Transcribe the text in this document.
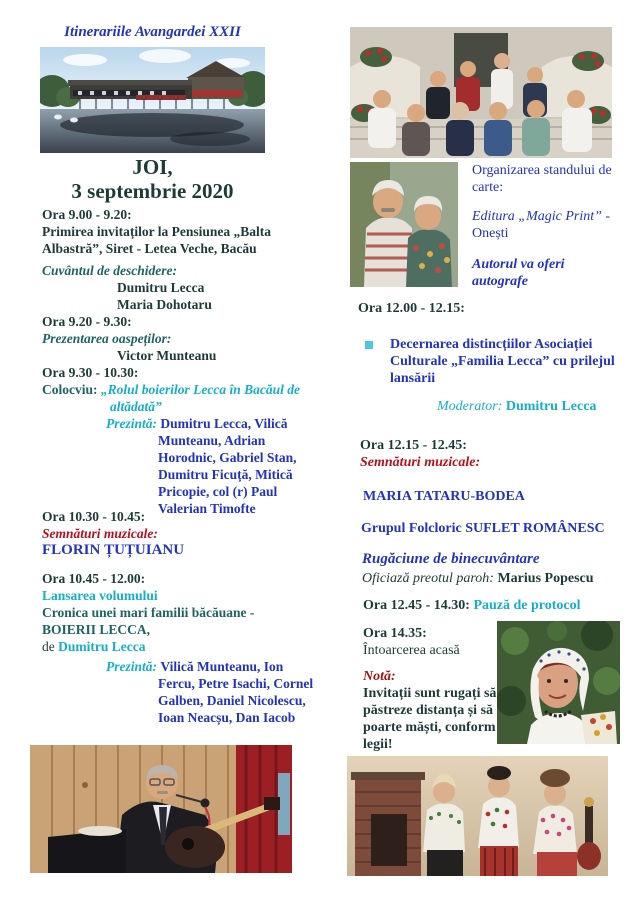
Itinerariile Avangardei XXII

JOI,

3 septembrie 2020

Ora 9.00 - 9.20:

Primirea invitaților la Pensiunea „Balta Albastră”, Siret - Letea Veche, Bacău

Cuvântul de deschidere:

Dumitru Lecca

Maria Dohotaru

Ora 9.20 - 9.30:

Prezentarea oaspeților:

Victor Munteanu

Ora 9.30 - 10.30:

Colocviu: „Rolul boierilor Lecca în Bacăul de altădată”

Prezintă: Dumitru Lecca, Vilică Munteanu, Adrian Horodnic, Gabriel Stan, Dumitru Ficuță, Mitică Pricopie, col (r) Paul Valerian Timofte

Ora 10.30 - 10.45:

Semnături muzicale:

FLORIN ȚUȚUIANU

Ora 10.45 - 12.00:

Lansarea volumului

Cronica unei mari familii băcăuane -

BOIERII LECCA,

de Dumitru Lecca

Prezintă: Vilică Munteanu, Ion Fercu, Petre Isachi, Cornel Galben, Daniel Nicolescu, Ioan Neacșu, Dan Iacob

Organizarea standului de carte:

Editura „Magic Print” - Onești

Autorul va oferi autografe

Ora 12.00 - 12.15:

Decernarea distincțiilor Asociației Culturale „Familia Lecca” cu prilejul lansării

Moderator: Dumitru Lecca

Ora 12.15 - 12.45:

Semnături muzicale:

MARIA TATARU-BODEA

Grupul Folcloric SUFLET ROMÂNESC

Rugăciune de binecuvântare

Oficiază preotul paroh: Marius Popescu

Ora 12.45 - 14.30: Pauză de protocol

Ora 14.35:

Întoarcerea acasă

Notă:

Invitații sunt rugați să păstreze distanța și să poarte măști, conform legii!
